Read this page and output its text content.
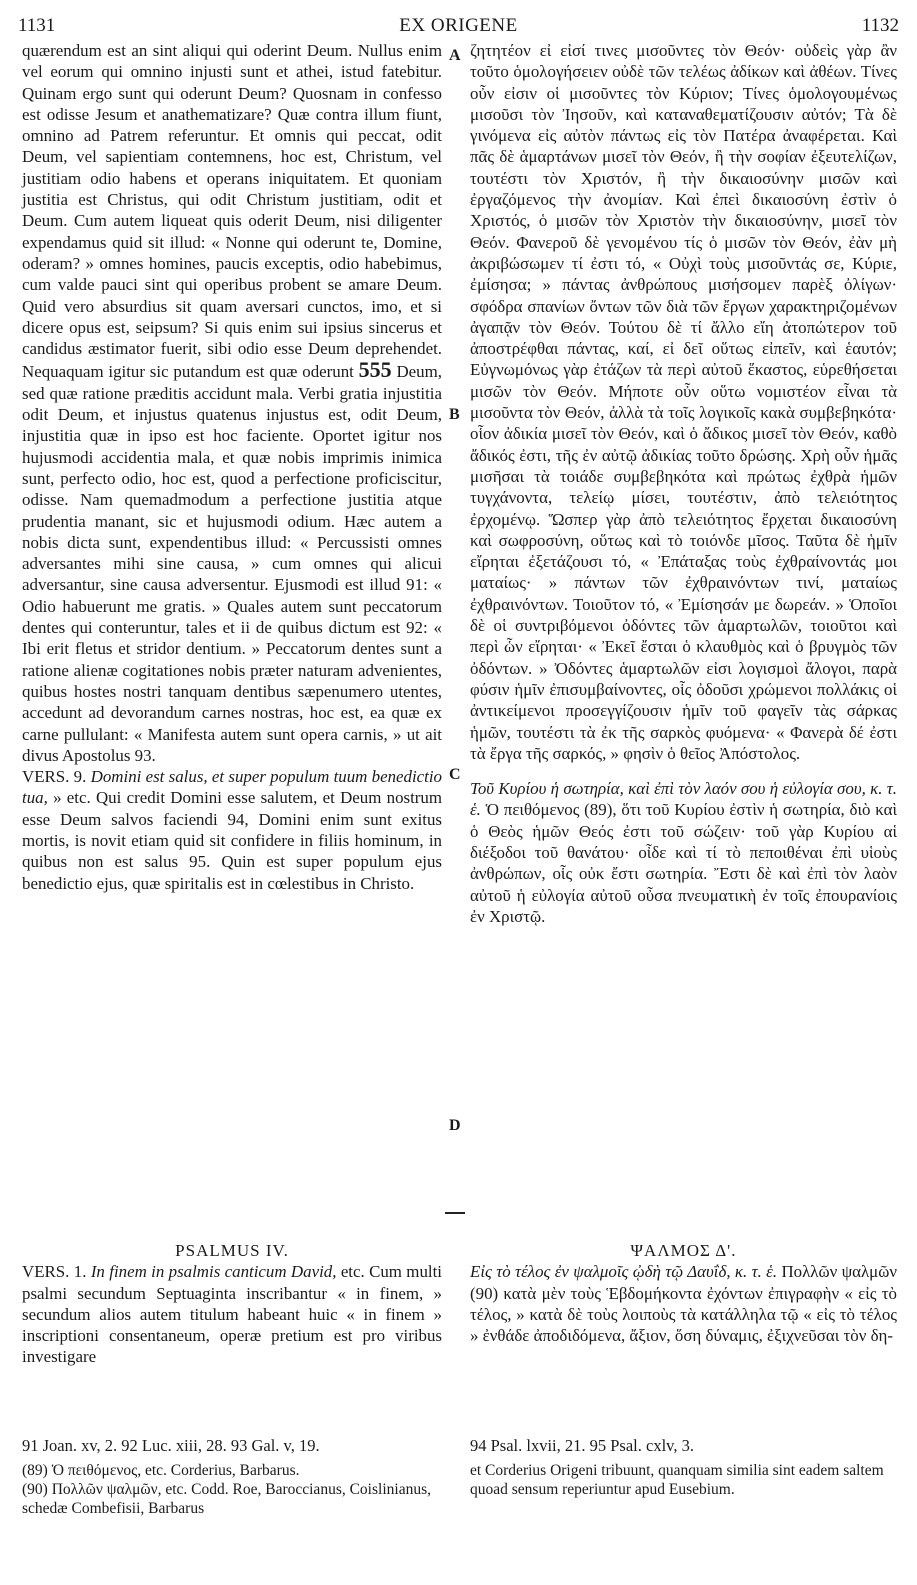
1131	EX ORIGENE	1132
A
B
C
D

quærendum est an sint aliqui qui oderint Deum. Nullus enim vel eorum qui omnino injusti sunt et athei, istud fatebitur. Quinam ergo sunt qui oderunt Deum? Quosnam in confesso est odisse Jesum et anathematizare? Quæ contra illum fiunt, omnino ad Patrem referuntur. Et omnis qui peccat, odit Deum, vel sapientiam contemnens, hoc est, Christum, vel justitiam odio habens et operans iniquitatem. Et quoniam justitia est Christus, qui odit Christum justitiam, odit et Deum. Cum autem liqueat quis oderit Deum, nisi diligenter expendamus quid sit illud: « Nonne qui oderunt te, Domine, oderam? » omnes homines, paucis exceptis, odio habebimus, cum valde pauci sint qui operibus probent se amare Deum. Quid vero absurdius sit quam aversari cunctos, imo, et si dicere opus est, seipsum? Si quis enim sui ipsius sincerus et candidus æstimator fuerit, sibi odio esse Deum deprehendet. Nequaquam igitur sic putandum est quæ oderunt 555 Deum, sed quæ ratione præditis accidunt mala. Verbi gratia injustitia odit Deum, et injustus quatenus injustus est, odit Deum, injustitia quæ in ipso est hoc faciente. Oportet igitur nos hujusmodi accidentia mala, et quæ nobis imprimis inimica sunt, perfecto odio, hoc est, quod a perfectione proficiscitur, odisse. Nam quemadmodum a perfectione justitia atque prudentia manant, sic et hujusmodi odium. Hæc autem a nobis dicta sunt, expendentibus illud: « Percussisti omnes adversantes mihi sine causa, » cum omnes qui alicui adversantur, sine causa adversentur. Ejusmodi est illud 91: « Odio habuerunt me gratis. » Quales autem sunt peccatorum dentes qui conteruntur, tales et ii de quibus dictum est 92: « Ibi erit fletus et stridor dentium. » Peccatorum dentes sunt a ratione alienæ cogitationes nobis præter naturam advenientes, quibus hostes nostri tanquam dentibus sæpenumero utentes, accedunt ad devorandum carnes nostras, hoc est, ea quæ ex carne pullulant: « Manifesta autem sunt opera carnis, » ut ait divus Apostolus 93.

VERS. 9. Domini est salus, et super populum tuum benedictio tua, » etc. Qui credit Domini esse salutem, et Deum nostrum esse Deum salvos faciendi 94, Domini enim sunt exitus mortis, is novit etiam quid sit confidere in filiis hominum, in quibus non est salus 95. Quin est super populum ejus benedictio ejus, quæ spiritalis est in cœlestibus in Christo.

ζητητέον εἰ εἰσί τινες μισοῦντες τὸν Θεόν· οὐδεὶς γὰρ ἂν τοῦτο ὁμολογήσειεν οὐδὲ τῶν τελέως ἀδίκων καὶ ἀθέων. Τίνες οὖν εἰσιν οἱ μισοῦντες τὸν Κύριον; Τίνες ὁμολογουμένως μισοῦσι τὸν Ἰησοῦν, καὶ καταναθεματίζουσιν αὐτόν; Τὰ δὲ γινόμενα εἰς αὐτὸν πάντως εἰς τὸν Πατέρα ἀναφέρεται. Καὶ πᾶς δὲ ἁμαρτάνων μισεῖ τὸν Θεόν, ἢ τὴν σοφίαν ἐξευτελίζων, τουτέστι τὸν Χριστόν, ἢ τὴν δικαιοσύνην μισῶν καὶ ἐργαζόμενος τὴν ἀνομίαν. Καὶ ἐπεὶ δικαιοσύνη ἐστὶν ὁ Χριστός, ὁ μισῶν τὸν Χριστὸν τὴν δικαιοσύνην, μισεῖ τὸν Θεόν. Φανεροῦ δὲ γενομένου τίς ὁ μισῶν τὸν Θεόν, ἐὰν μὴ ἀκριβώσωμεν τί ἐστι τό, « Οὐχὶ τοὺς μισοῦντάς σε, Κύριε, ἐμίσησα; » πάντας ἀνθρώπους μισήσομεν παρὲξ ὀλίγων· σφόδρα σπανίων ὄντων τῶν διὰ τῶν ἔργων χαρακτηριζομένων ἀγαπᾷν τὸν Θεόν. Τούτου δὲ τί ἄλλο εἴη ἀτοπώτερον τοῦ ἀποστρέφθαι πάντας, καί, εἰ δεῖ οὕτως εἰπεῖν, καὶ ἑαυτόν; Εὐγνωμόνως γὰρ ἐτάζων τὰ περὶ αὐτοῦ ἕκαστος, εὑρεθήσεται μισῶν τὸν Θεόν. Μήποτε οὖν οὕτω νομιστέον εἶναι τὰ μισοῦντα τὸν Θεόν, ἀλλὰ τὰ τοῖς λογικοῖς κακὰ συμβεβηκότα· οἷον ἀδικία μισεῖ τὸν Θεόν, καὶ ὁ ἄδικος μισεῖ τὸν Θεόν, καθὸ ἄδικός ἐστι, τῆς ἐν αὐτῷ ἀδικίας τοῦτο δρώσης. Χρὴ οὖν ἡμᾶς μισῆσαι τὰ τοιάδε συμβεβηκότα καὶ πρώτως ἐχθρὰ ἡμῶν τυγχάνοντα, τελείῳ μίσει, τουτέστιν, ἀπὸ τελειότητος ἐρχομένῳ. Ὥσπερ γὰρ ἀπὸ τελειότητος ἔρχεται δικαιοσύνη καὶ σωφροσύνη, οὕτως καὶ τὸ τοιόνδε μῖσος. Ταῦτα δὲ ἡμῖν εἴρηται ἐξετάζουσι τό, « Ἐπάταξας τοὺς ἐχθραίνοντάς μοι ματαίως· » πάντων τῶν ἐχθραινόντων τινί, ματαίως ἐχθραινόντων. Τοιοῦτον τό, « Ἐμίσησάν με δωρεάν. » Ὁποῖοι δὲ οἱ συντριβόμενοι ὀδόντες τῶν ἁμαρτωλῶν, τοιοῦτοι καὶ περὶ ὧν εἴρηται· « Ἐκεῖ ἔσται ὁ κλαυθμὸς καὶ ὁ βρυγμὸς τῶν ὀδόντων. » Ὀδόντες ἁμαρτωλῶν εἰσι λογισμοὶ ἄλογοι, παρὰ φύσιν ἡμῖν ἐπισυμβαίνοντες, οἷς ὀδοῦσι χρώμενοι πολλάκις οἱ ἀντικείμενοι προσεγγίζουσιν ἡμῖν τοῦ φαγεῖν τὰς σάρκας ἡμῶν, τουτέστι τὰ ἐκ τῆς σαρκὸς φυόμενα· « Φανερὰ δέ ἐστι τὰ ἔργα τῆς σαρκός, » φησὶν ὁ θεῖος Ἀπόστολος.

Τοῦ Κυρίου ἡ σωτηρία, καὶ ἐπὶ τὸν λαόν σου ἡ εὐλογία σου, κ. τ. ἑ. Ὁ πειθόμενος (89), ὅτι τοῦ Κυρίου ἐστὶν ἡ σωτηρία, διὸ καὶ ὁ Θεὸς ἡμῶν Θεός ἐστι τοῦ σώζειν· τοῦ γὰρ Κυρίου αἱ διέξοδοι τοῦ θανάτου· οἶδε καὶ τί τὸ πεποιθέναι ἐπὶ υἱοὺς ἀνθρώπων, οἷς οὐκ ἔστι σωτηρία. Ἔστι δὲ καὶ ἐπὶ τὸν λαὸν αὐτοῦ ἡ εὐλογία αὐτοῦ οὖσα πνευματικὴ ἐν τοῖς ἐπουρανίοις ἐν Χριστῷ.

PSALMUS IV.

VERS. 1. In finem in psalmis canticum David, etc. Cum multi psalmi secundum Septuaginta inscribantur « in finem, » secundum alios autem titulum habeant huic « in finem » inscriptioni consentaneum, operæ pretium est pro viribus investigare

ΨΑΛΜΟΣ Δ'.

Εἰς τὸ τέλος ἐν ψαλμοῖς ᾠδὴ τῷ Δαυΐδ, κ. τ. ἑ. Πολλῶν ψαλμῶν (90) κατὰ μὲν τοὺς Ἑβδομήκοντα ἐχόντων ἐπιγραφὴν « εἰς τὸ τέλος, » κατὰ δὲ τοὺς λοιποὺς τὰ κατάλληλα τῷ « εἰς τὸ τέλος » ἐνθάδε ἀποδιδόμενα, ἄξιον, ὅση δύναμις, ἐξιχνεῦσαι τὸν δη-

91 Joan. xv, 2. 92 Luc. xiii, 28. 93 Gal. v, 19.

(89) Ὁ πειθόμενος, etc. Corderius, Barbarus.

(90) Πολλῶν ψαλμῶν, etc. Codd. Roe, Baroccianus, Coislinianus, schedæ Combefisii, Barbarus

94 Psal. lxvii, 21. 95 Psal. cxlv, 3.

et Corderius Origeni tribuunt, quanquam similia sint eadem saltem quoad sensum reperiuntur apud Eusebium.
